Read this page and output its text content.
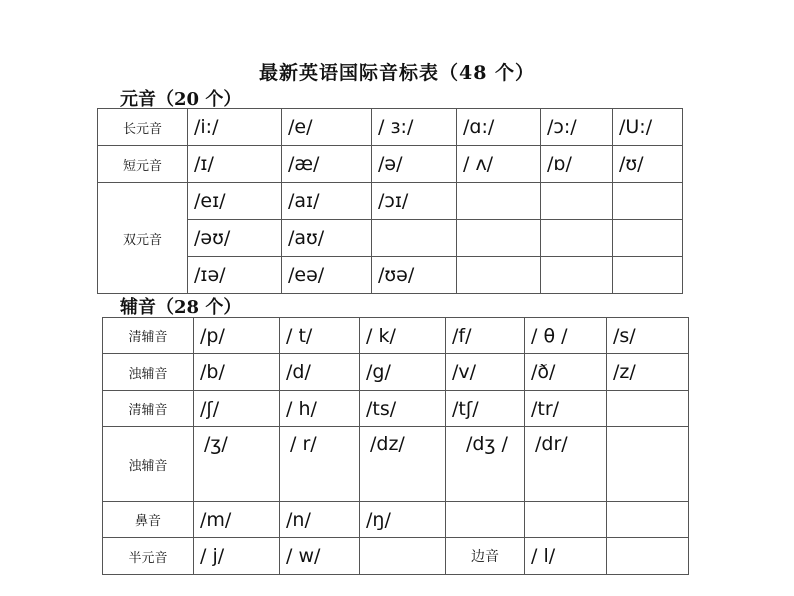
最新英语国际音标表（48 个）
元音（20 个）
长元音	/i:/	/e/	/ ɜ:/	/ɑ:/	/ɔ:/	/U:/
短元音	/ɪ/	/æ/	/ə/	/ ʌ/	/ɒ/	/ʊ/
双元音	/eɪ/	/aɪ/	/ɔɪ/			
	/əʊ/	/aʊ/				
	/ɪə/	/eə/	/ʊə/			
辅音（28 个）
清辅音	/p/	/ t/	/ k/	/f/	/ θ /	/s/
浊辅音	/b/	/d/	/g/	/v/	/ð/	/z/
清辅音	/ʃ/	/ h/	/ts/	/tʃ/	/tr/	
浊辅音	/ʒ/	/ r/	/dz/	/dʒ /	/dr/	
鼻音	/m/	/n/	/ŋ/			
半元音	/ j/	/ w/		边音	/ l/	
